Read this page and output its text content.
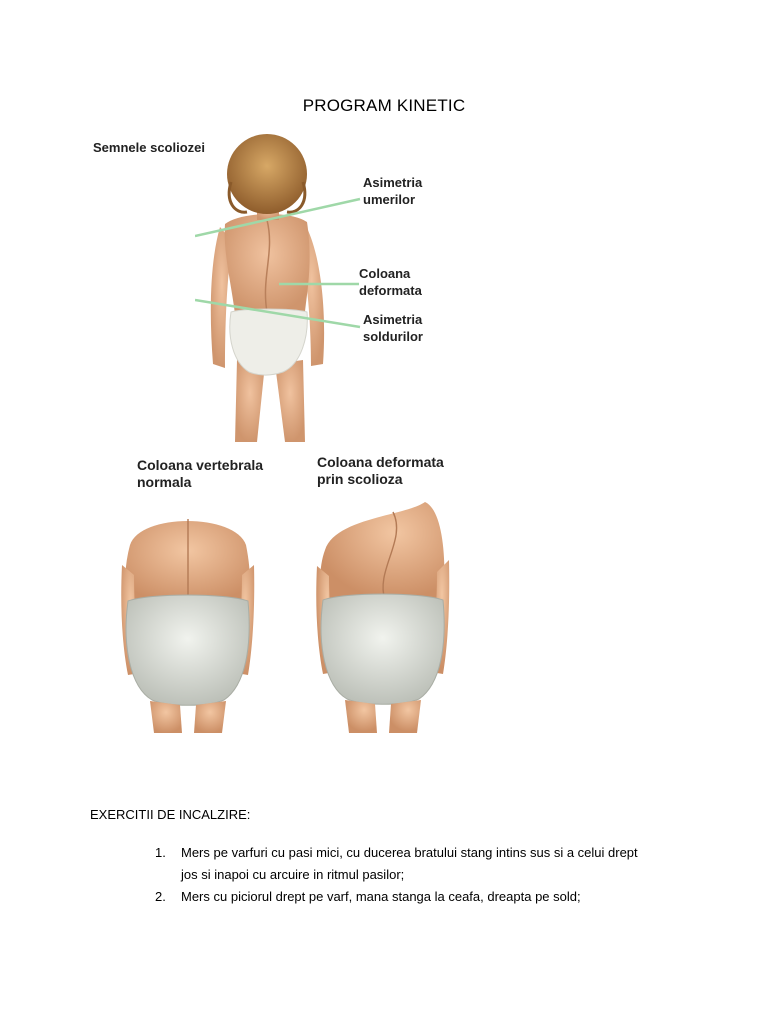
PROGRAM KINETIC
Semnele scoliozei
Asimetria
umerilor
Coloana
deformata
Asimetria
soldurilor
Coloana vertebrala
normala
Coloana deformata
prin scolioza
EXERCITII DE INCALZIRE:
1. Mers pe varfuri cu pasi mici, cu ducerea bratului stang intins sus si a celui drept
jos si inapoi cu arcuire in ritmul pasilor;
2. Mers cu piciorul drept pe varf, mana stanga la ceafa, dreapta pe sold;
